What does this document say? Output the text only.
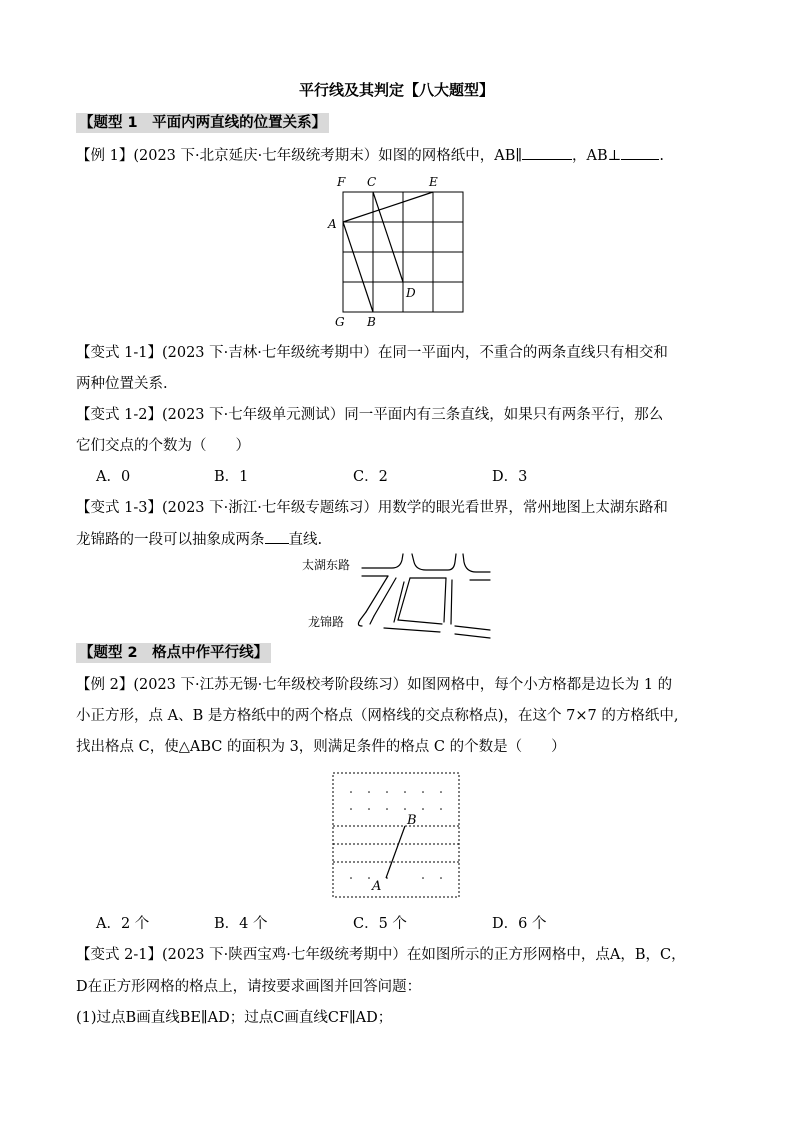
平行线及其判定【八大题型】
【题型 1　平面内两直线的位置关系】
【例 1】(2023 下·北京延庆·七年级统考期末）如图的网格纸中，AB∥	，AB⊥	.
F C	E
A
D
G B
【变式 1-1】(2023 下·吉林·七年级统考期中）在同一平面内，不重合的两条直线只有相交和
两种位置关系.
【变式 1-2】(2023 下·七年级单元测试）同一平面内有三条直线，如果只有两条平行，那么
它们交点的个数为（　　）
A．0	B．1	C．2	D．3
【变式 1-3】(2023 下·浙江·七年级专题练习）用数学的眼光看世界，常州地图上太湖东路和
龙锦路的一段可以抽象成两条 直线.
太湖东路
龙锦路
【题型 2　格点中作平行线】
【例 2】(2023 下·江苏无锡·七年级校考阶段练习）如图网格中，每个小方格都是边长为 1 的
小正方形，点 A、B 是方格纸中的两个格点（网格线的交点称格点)，在这个 7×7 的方格纸中,
找出格点 C，使△ABC 的面积为 3，则满足条件的格点 C 的个数是（　　）
B
A
A．2 个	B．4 个	C．5 个	D．6 个
【变式 2-1】(2023 下·陕西宝鸡·七年级统考期中）在如图所示的正方形网格中，点A，B，C，
D在正方形网格的格点上，请按要求画图并回答问题：
(1)过点B画直线BE∥AD；过点C画直线CF∥AD；
